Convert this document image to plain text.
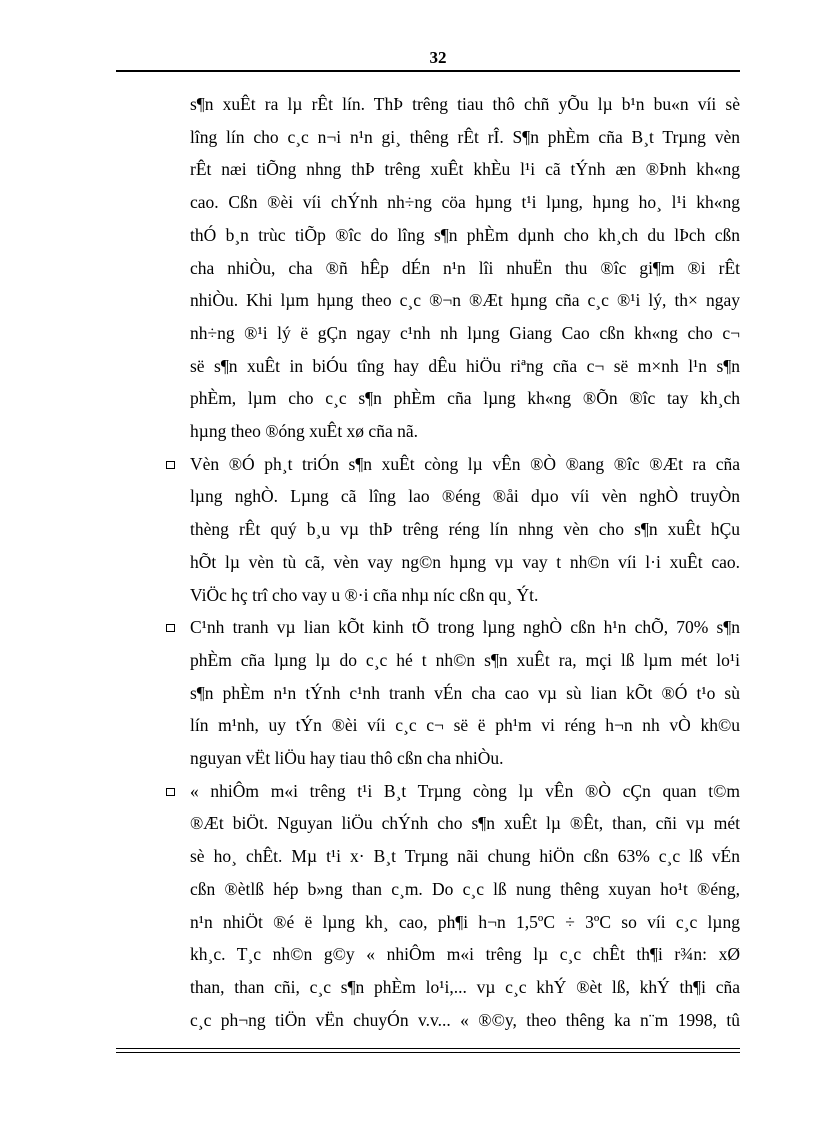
32

s¶n xuÊt ra lµ rÊt lín. ThÞ trêng tiau thô chñ yÕu lµ b¹n bu«n víi sè
lîng lín cho c¸c n¬i n¹n gi¸ thêng rÊt rÎ. S¶n phÈm cña B¸t Trµng vèn
rÊt næi tiÕng nhng thÞ trêng xuÊt khÈu l¹i cã tÝnh æn ®Þnh kh«ng
cao. Cßn ®èi víi chÝnh nh÷ng cöa hµng t¹i lµng, hµng ho¸ l¹i kh«ng
thÓ b¸n trùc tiÕp ®îc do lîng s¶n phÈm dµnh cho kh¸ch du lÞch cßn
cha nhiÒu, cha ®ñ hÊp dÉn n¹n lîi nhuËn thu ®îc gi¶m ®i rÊt
nhiÒu. Khi lµm hµng theo c¸c ®¬n ®Æt hµng cña c¸c ®¹i lý, th× ngay
nh÷ng ®¹i lý ë gÇn ngay c¹nh nh lµng Giang Cao cßn kh«ng cho c¬
së s¶n xuÊt in biÓu tîng hay dÊu hiÖu riªng cña c¬ së m×nh l¹n s¶n
phÈm, lµm cho c¸c s¶n phÈm cña lµng kh«ng ®Õn ®îc tay kh¸ch
hµng theo ®óng xuÊt xø cña nã.

Vèn ®Ó ph¸t triÓn s¶n xuÊt còng lµ vÊn ®Ò ®ang ®îc ®Æt ra cña
lµng nghÒ. Lµng cã lîng lao ®éng ®åi dµo víi vèn nghÒ truyÒn
thèng rÊt quý b¸u vµ thÞ trêng réng lín nhng vèn cho s¶n xuÊt hÇu
hÕt lµ vèn tù cã, vèn vay ng©n hµng vµ vay t nh©n víi l·i xuÊt cao.
ViÖc hç trî cho vay u ®·i cña nhµ níc cßn qu¸ Ýt.

C¹nh tranh vµ lian kÕt kinh tÕ trong lµng nghÒ cßn h¹n chÕ, 70% s¶n
phÈm cña lµng lµ do c¸c hé t nh©n s¶n xuÊt ra, mçi lß lµm mét lo¹i
s¶n phÈm n¹n tÝnh c¹nh tranh vÉn cha cao vµ sù lian kÕt ®Ó t¹o sù
lín m¹nh, uy tÝn ®èi víi c¸c c¬ së ë ph¹m vi réng h¬n nh vÒ kh©u
nguyan vËt liÖu hay tiau thô cßn cha nhiÒu.

« nhiÔm m«i trêng t¹i B¸t Trµng còng lµ vÊn ®Ò cÇn quan t©m
®Æt biÖt. Nguyan liÖu chÝnh cho s¶n xuÊt lµ ®Êt, than, cñi vµ mét
sè ho¸ chÊt. Mµ t¹i x· B¸t Trµng nãi chung hiÖn cßn 63% c¸c lß vÉn
cßn ®ètlß hép b»ng than c¸m. Do c¸c lß nung thêng xuyan ho¹t ®éng,
n¹n nhiÖt ®é ë lµng kh¸ cao, ph¶i h¬n 1,5ºC ÷ 3ºC so víi c¸c lµng
kh¸c. T¸c nh©n g©y « nhiÔm m«i trêng lµ c¸c chÊt th¶i r¾n: xØ
than, than cñi, c¸c s¶n phÈm lo¹i,... vµ c¸c khÝ ®èt lß, khÝ th¶i cña
c¸c ph¬ng tiÖn vËn chuyÓn v.v... « ®©y, theo thêng ka n¨m 1998, tû
